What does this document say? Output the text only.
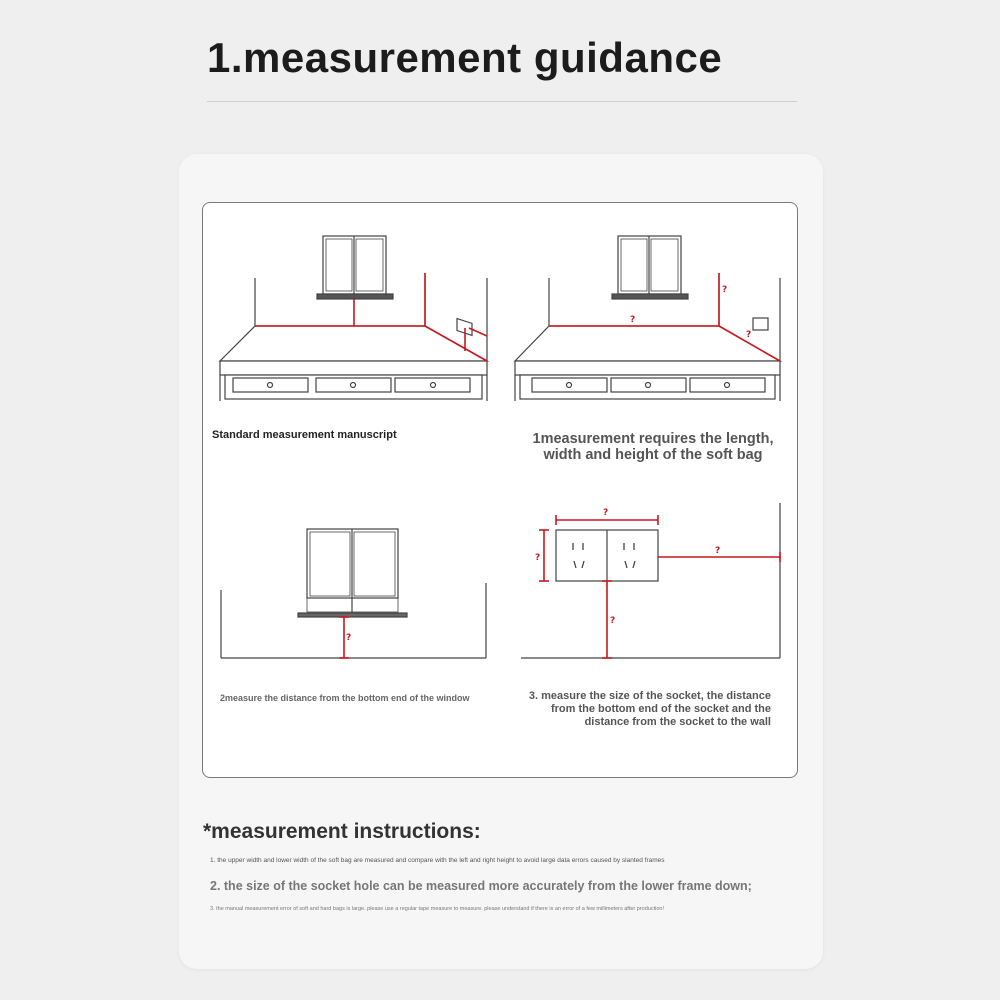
1.measurement guidance
?
?
?
?
?
?
?
?

Standard measurement manuscript	1measurement requires the length,
width and height of the soft bag

2measure the distance from the bottom end of the window	3. measure the size of the socket, the distance
from the bottom end of the socket and the
distance from the socket to the wall

*measurement instructions:

1. the upper width and lower width of the soft bag are measured and compare with the left and right height to avoid large data errors caused by slanted frames

2. the size of the socket hole can be measured more accurately from the lower frame down;

3. the manual measurement error of soft and hard bags is large. please use a regular tape measure to measure. please understand if there is an error of a few millimeters after production!
